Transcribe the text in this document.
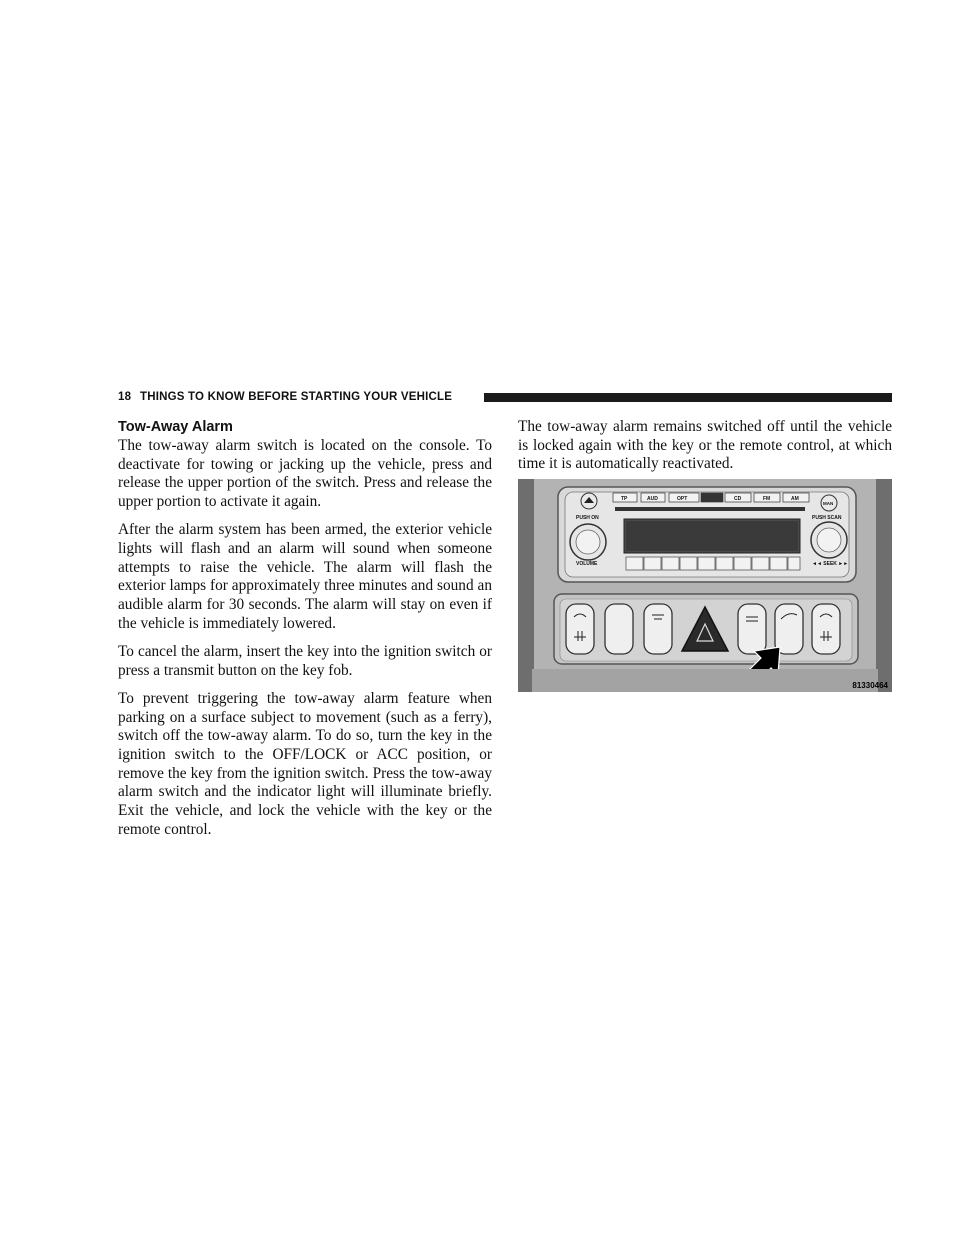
18 THINGS TO KNOW BEFORE STARTING YOUR VEHICLE
Tow-Away Alarm

The tow-away alarm switch is located on the console. To deactivate for towing or jacking up the vehicle, press and release the upper portion of the switch. Press and release the upper portion to activate it again.

After the alarm system has been armed, the exterior vehicle lights will flash and an alarm will sound when someone attempts to raise the vehicle. The alarm will flash the exterior lamps for approximately three minutes and sound an audible alarm for 30 seconds. The alarm will stay on even if the vehicle is immediately lowered.

To cancel the alarm, insert the key into the ignition switch or press a transmit button on the key fob.

To prevent triggering the tow-away alarm feature when parking on a surface subject to movement (such as a ferry), switch off the tow-away alarm. To do so, turn the key in the ignition switch to the OFF/LOCK or ACC position, or remove the key from the ignition switch. Press the tow-away alarm switch and the indicator light will illuminate briefly. Exit the vehicle, and lock the vehicle with the key or the remote control.

The tow-away alarm remains switched off until the vehicle is locked again with the key or the remote control, at which time it is automatically reactivated.

TP	AUD	OPT	CD	FM	AM
PUSH ON
MAN
PUSH SCAN
VOLUME	◄◄ SEEK ►►
81330464
